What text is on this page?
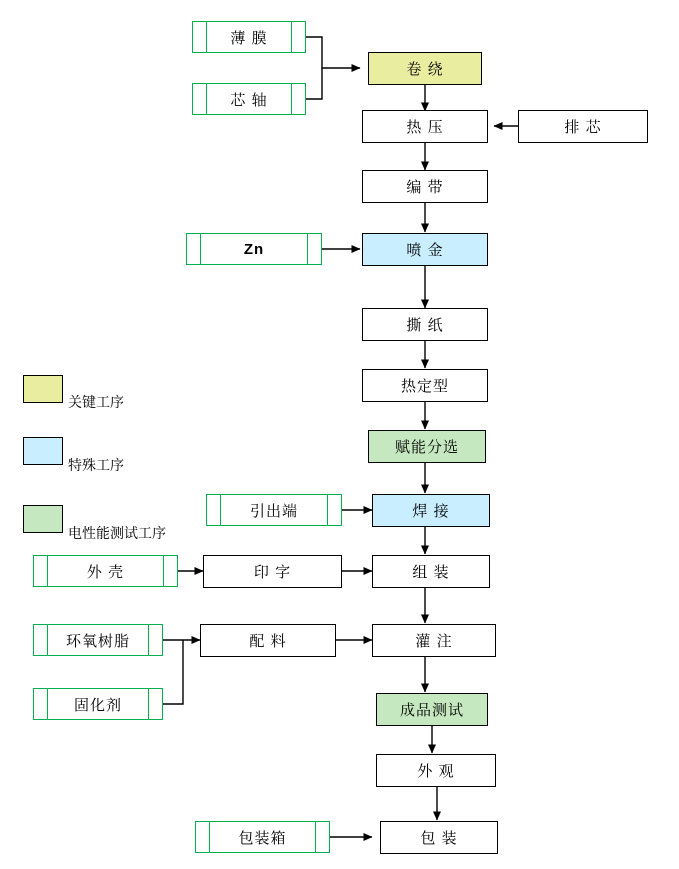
薄 膜
芯 轴
Zn
引出端
外 壳
环氧树脂
固化剂
包装箱
卷 绕
热 压
编 带
排 芯
喷 金
撕 纸
热定型
赋能分选
焊 接
印 字	组 装
配 料	灌 注
成品测试
外 观
包 装
关键工序
特殊工序
电性能测试工序
